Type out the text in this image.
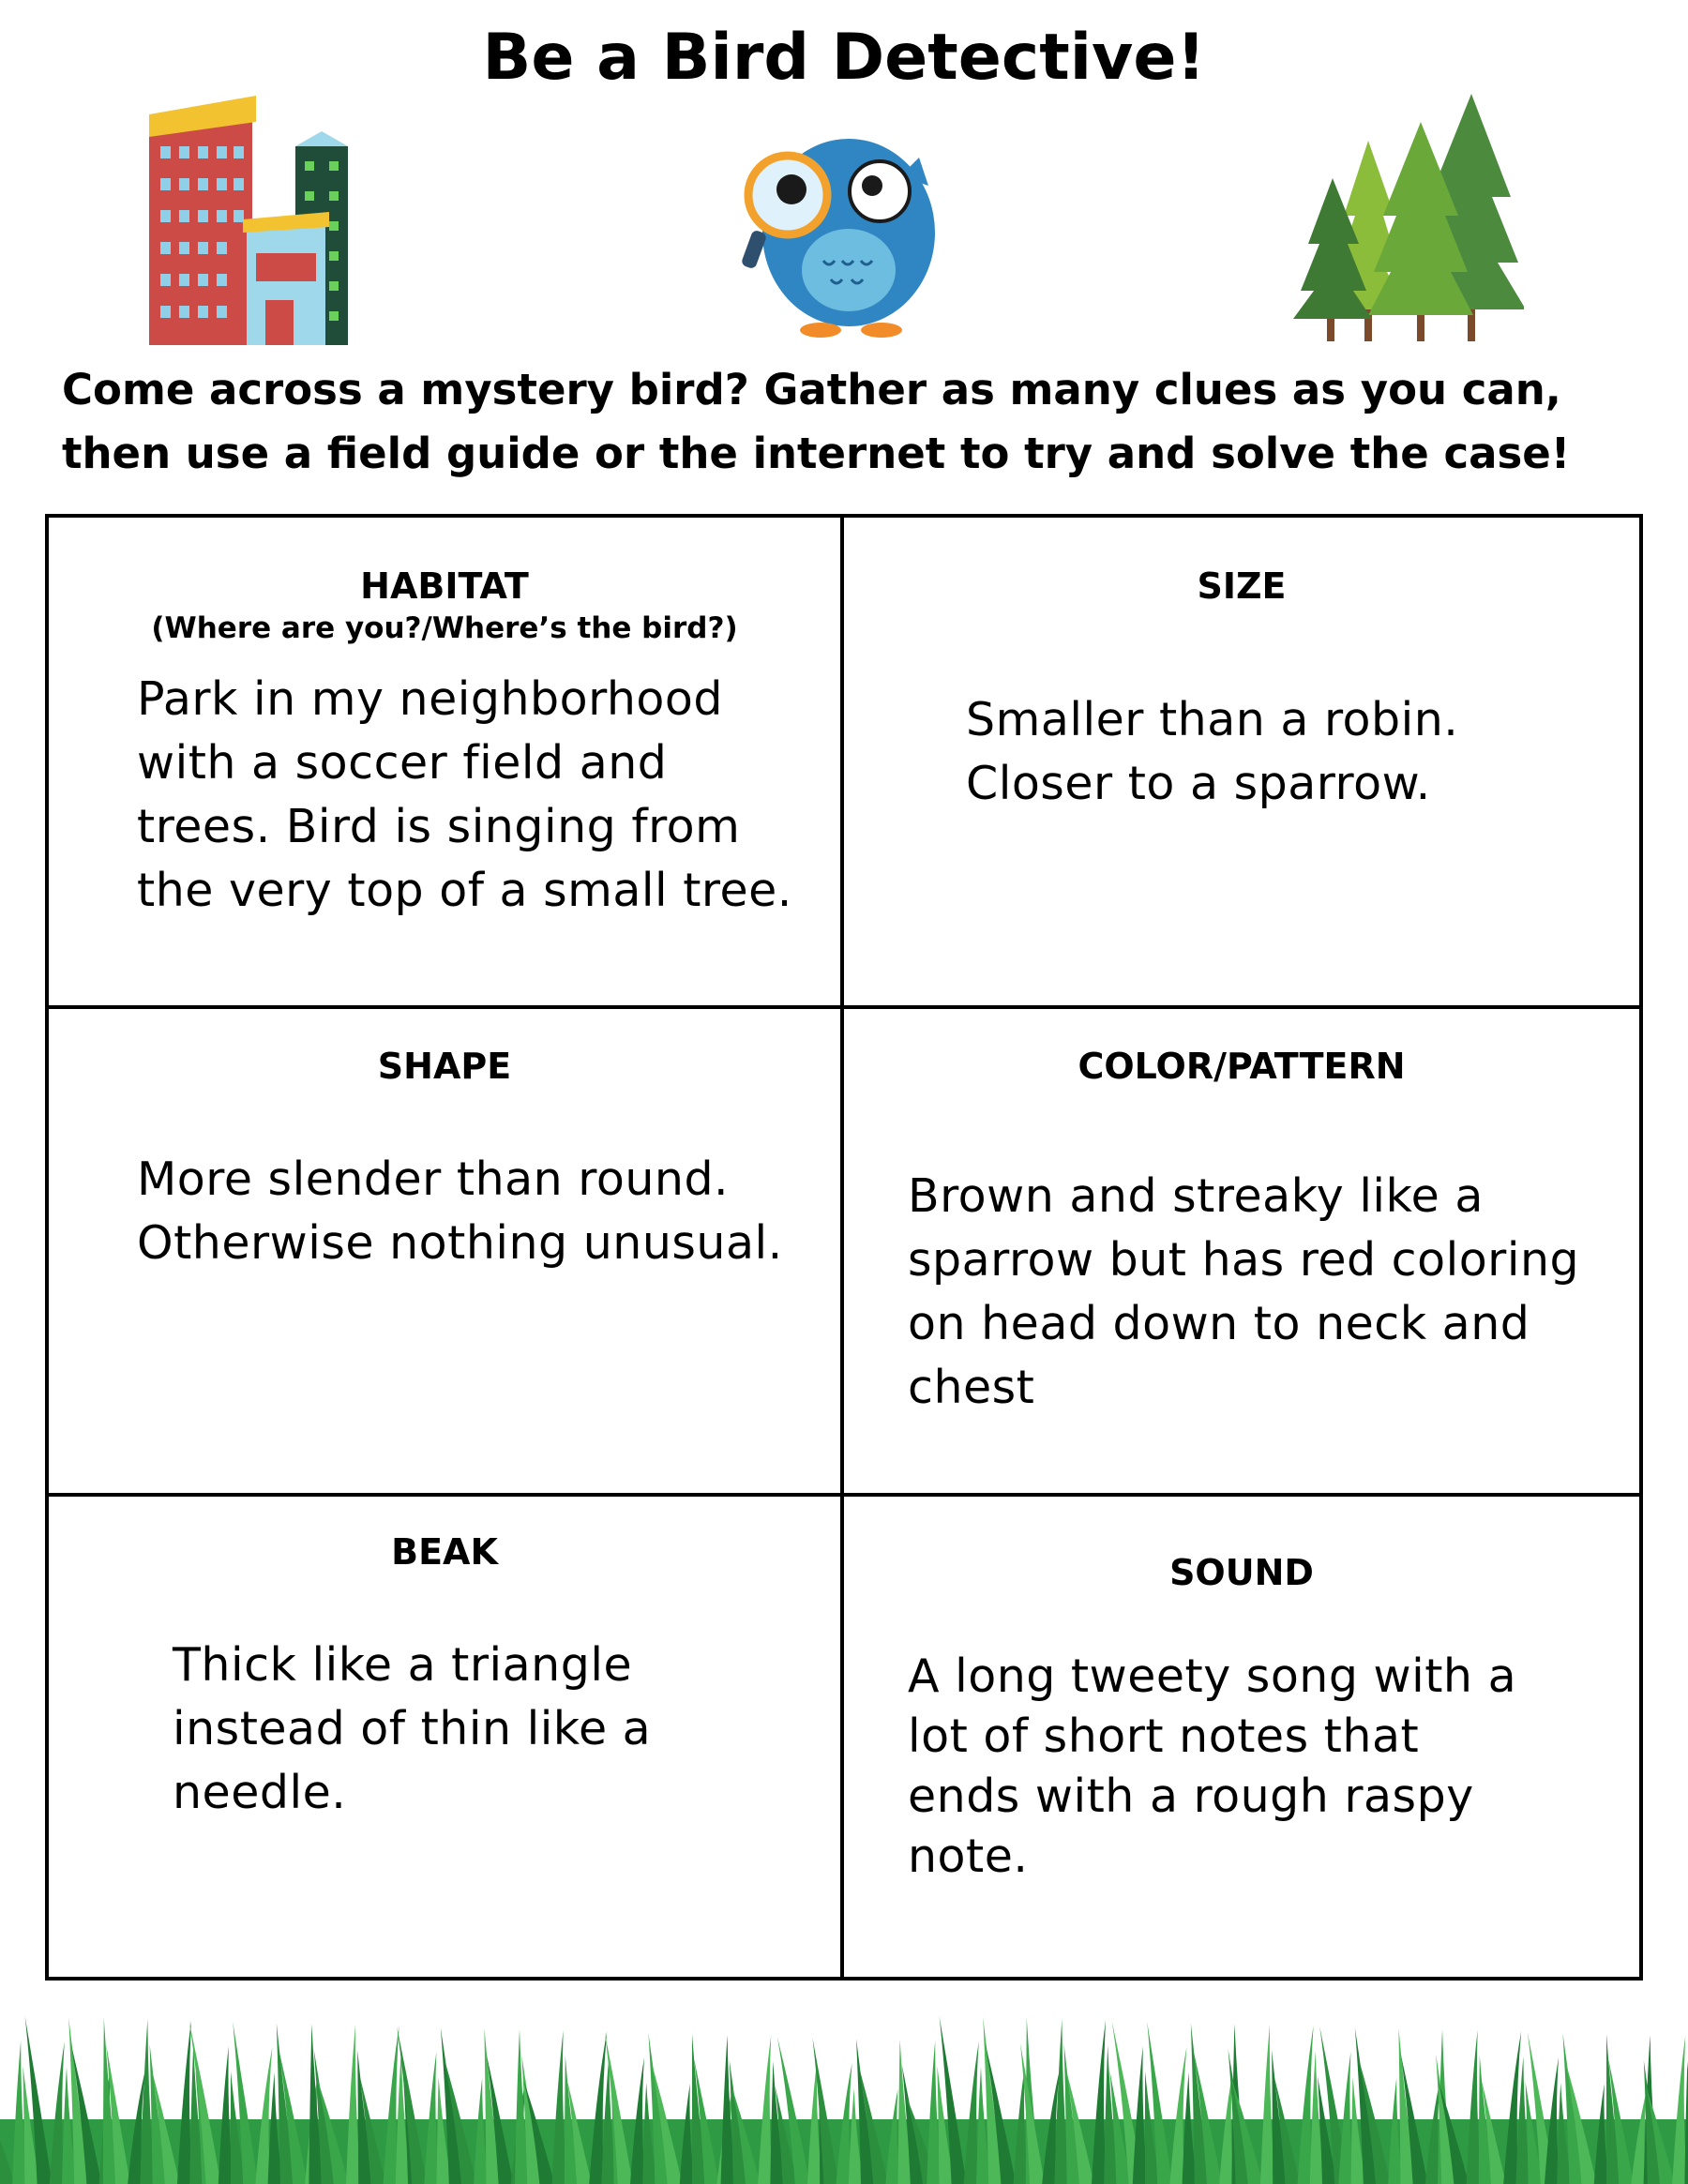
Be a Bird Detective!
Come across a mystery bird? Gather as many clues as you can, then use a field guide or the internet to try and solve the case!
HABITAT
(Where are you?/Where’s the bird?)
Park in my neighborhood with a soccer field and trees. Bird is singing from the very top of a small tree.
SIZE
Smaller than a robin. Closer to a sparrow.
SHAPE
More slender than round. Otherwise nothing unusual.
COLOR/PATTERN
Brown and streaky like a sparrow but has red coloring on head down to neck and chest
BEAK
Thick like a triangle instead of thin like a needle.
SOUND
A long tweety song with a lot of short notes that ends with a rough raspy note.
